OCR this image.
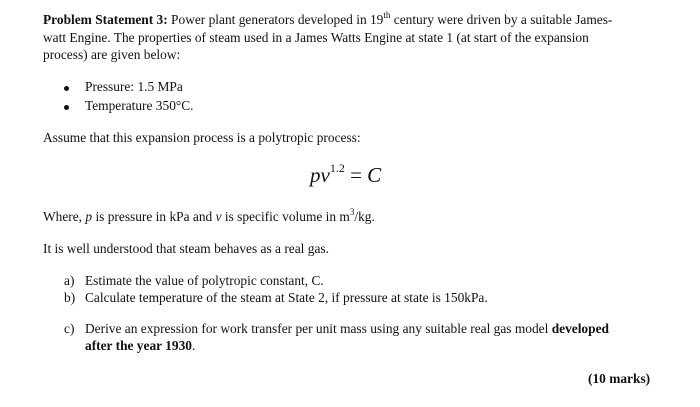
Problem Statement 3: Power plant generators developed in 19th century were driven by a suitable James-
watt Engine. The properties of steam used in a James Watts Engine at state 1 (at start of the expansion
process) are given below:
Pressure: 1.5 MPa
Temperature 350°C.
Assume that this expansion process is a polytropic process:
$pv^{1.2} = C$
Where, p is pressure in kPa and v is specific volume in $m^3/kg$.
It is well understood that steam behaves as a real gas.
a) Estimate the value of polytropic constant, C.
b) Calculate temperature of the steam at State 2, if pressure at state is 150kPa.
c) Derive an expression for work transfer per unit mass using any suitable real gas model developed
after the year 1930.
(10 marks)
